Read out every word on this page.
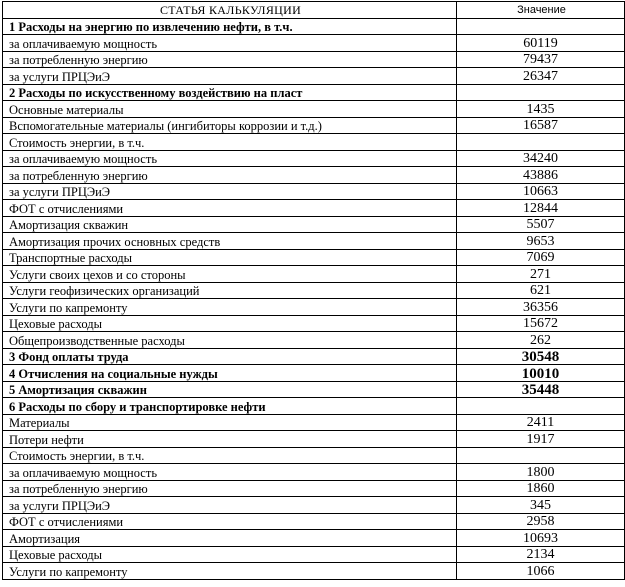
СТАТЬЯ КАЛЬКУЛЯЦИИ	Значение
1 Расходы на энергию по извлечению нефти, в т.ч.	
за оплачиваемую мощность	60119
за потребленную энергию	79437
за услуги ПРЦЭиЭ	26347
2 Расходы по искусственному воздействию на пласт	
Основные материалы	1435
Вспомогательные материалы (ингибиторы коррозии и т.д.)	16587
Стоимость энергии, в т.ч.	
за оплачиваемую мощность	34240
за потребленную энергию	43886
за услуги ПРЦЭиЭ	10663
ФОТ с отчислениями	12844
Амортизация скважин	5507
Амортизация прочих основных средств	9653
Транспортные расходы	7069
Услуги своих цехов и со стороны	271
Услуги геофизических организаций	621
Услуги по капремонту	36356
Цеховые расходы	15672
Общепроизводственные расходы	262
3 Фонд оплаты труда	30548
4 Отчисления на социальные нужды	10010
5 Амортизация скважин	35448
6 Расходы по сбору и транспортировке нефти	
Материалы	2411
Потери нефти	1917
Стоимость энергии, в т.ч.	
за оплачиваемую мощность	1800
за потребленную энергию	1860
за услуги ПРЦЭиЭ	345
ФОТ с отчислениями	2958
Амортизация	10693
Цеховые расходы	2134
Услуги по капремонту	1066
